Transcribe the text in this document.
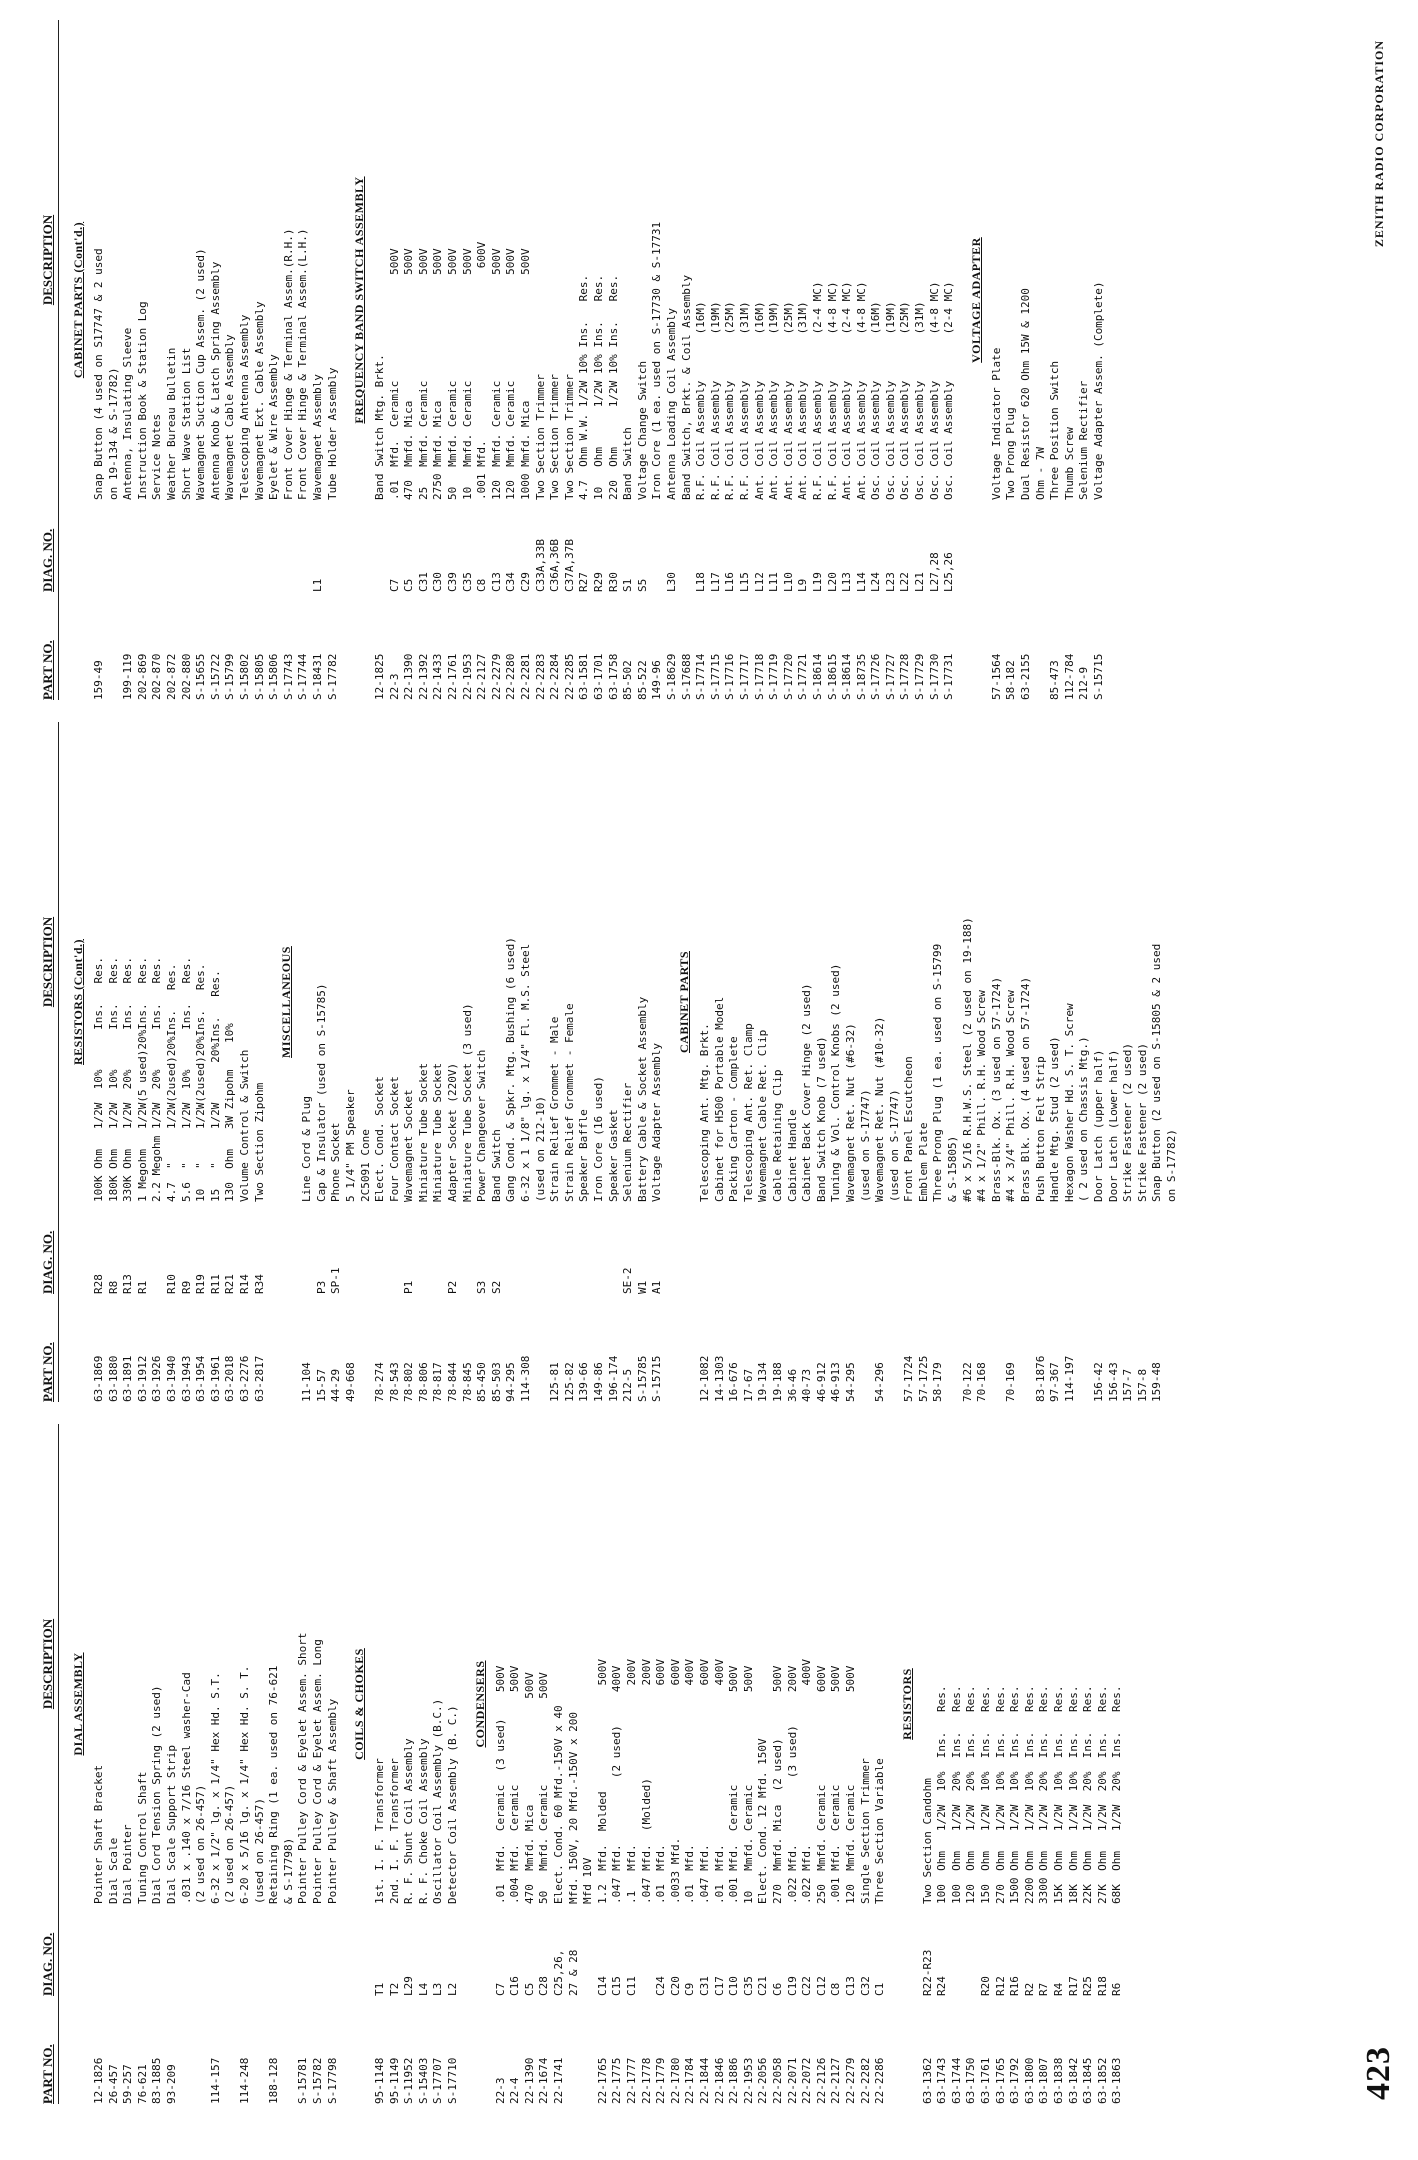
PART NO.
DIAG. NO.
DESCRIPTION DIAL ASSEMBLY
12-1826
Pointer Shaft Bracket
26-457
Dial Scale
59-257
Dial Pointer
76-621
Tuning Control Shaft
83-1885
Dial Cord Tension Spring (2 used)
93-209
Dial Scale Support Strip .031 x .140 x 7/16 Steel washer-Cad (2 used on 26-457)
114-157
6-32 x 1/2" lg. x 1/4" Hex Hd. S.T. (2 used on 26-457)
114-248
6-20 x 5/16 lg. x 1/4" Hex Hd. S. T. (used on 26-457)
188-128
Retaining Ring (1 ea. used on 76-621 & S-17798)
S-15781
Pointer Pulley Cord & Eyelet Assem. Short
S-15782
Pointer Pulley Cord & Eyelet Assem. Long
S-17798
Pointer Pulley & Shaft Assembly COILS & CHOKES
95-1148
T1
1st. I. F. Transformer
95-1149
T2
2nd. I. F. Transformer
S-11952
L29
R. F. Shunt Coil Assembly
S-15403
L4
R. F. Choke Coil Assembly
S-17707
L3
Oscillator Coil Assembly (B.C.)
S-17710
L2
Detector Coil Assembly (B. C.)
CONDENSERS
22-3
C7
.01  Mfd.  Ceramic  (3 used)    500V
22-4
C16
.004 Mfd.  Ceramic              500V
22-1390
C5
470  Mmfd. Mica                500V
22-1674
C28
50   Mmfd. Ceramic             500V
22-1741
C25,26,
Elect. Cond. 60 Mfd.-150V x 40
27 & 28
Mfd. 150V, 20 Mfd.-150V x 200 Mfd 10V
22-1765
C14
1.2  Mfd.  Molded                500V
22-1775
C15
.047 Mfd.          (2 used)     400V
22-1777
C11
.1   Mfd.                        200V
22-1778
.047 Mfd.  (Molded)              200V
22-1779
C24
.01  Mfd.                        600V
22-1780
C20
.0033 Mfd.                       600V
22-1784
C9
.01  Mfd.                        400V
22-1844
C31
.047 Mfd.                        600V
22-1846
C17
.01  Mfd.                        400V
22-1886
C10
.001 Mfd.  Ceramic              500V
22-1953
C35
10   Mmfd. Ceramic              500V
22-2056
C21
Elect. Cond. 12 Mfd. 150V
22-2058
C6
270  Mmfd. Mica  (2 used)       500V
22-2071
C19
.022 Mfd.          (3 used)     200V
22-2072
C22
.022 Mfd.                        400V
22-2126
C12
250  Mmfd. Ceramic              600V
22-2127
C8
.001 Mfd.  Ceramic              500V
22-2279
C13
120  Mmfd. Ceramic              500V
22-2282
C32
Single Section Trimmer
22-2286
C1
Three Section Variable
RESISTORS
63-1362
R22-R23
Two Section Candohm
63-1743
R24
100  Ohm   1/2W  10%  Ins.   Res.
63-1744
100  Ohm   1/2W  20%  Ins.   Res.
63-1750
120  Ohm   1/2W  20%  Ins.   Res.
63-1761
R20
150  Ohm   1/2W  10%  Ins.   Res.
63-1765
R12
270  Ohm   1/2W  10%  Ins.   Res.
63-1792
R16
1500 Ohm   1/2W  10%  Ins.   Res.
63-1800
R2
2200 Ohm   1/2W  10%  Ins.   Res.
63-1807
R7
3300 Ohm   1/2W  20%  Ins.   Res.
63-1838
R4
15K  Ohm   1/2W  10%  Ins.   Res.
63-1842
R17
18K  Ohm   1/2W  10%  Ins.   Res.
63-1845
R25
22K  Ohm   1/2W  20%  Ins.   Res.
63-1852
R18
27K  Ohm   1/2W  20%  Ins.   Res.
63-1863
R6
68K  Ohm   1/2W  20%  Ins.   Res.
PART NO.
DIAG. NO.
DESCRIPTION RESISTORS (Cont'd.)
63-1869
R28
100K Ohm   1/2W  10%      Ins.   Res.
63-1880
R8
180K Ohm   1/2W  10%      Ins.   Res.
63-1891
R13
330K Ohm   1/2W  20%      Ins.   Res.
63-1912
R1
1 Megohm   1/2W(5 used)20%Ins.   Res.
63-1926
2.2 Megohm 1/2W  20%      Ins.   Res.
63-1940
R10
4.7  "     1/2W(2used)20%Ins.   Res.
63-1943
R9
5.6  "     1/2W  10%      Ins.   Res.
63-1954
R19
10   "     1/2W(2used)20%Ins.   Res.
63-1961
R11
15   "     1/2W      20%Ins.   Res.
63-2018
R21
130  Ohm   3W Zipohm    10%
63-2276
R14
Volume Control & Switch
63-2817
R34
Two Section Zipohm
MISCELLANEOUS
11-104
Line Cord & Plug
15-57
P3
Cap & Insulator (used on S-15785)
44-29
SP-1
Phone Socket
49-668
5 1/4" PM Speaker 2C5091 Cone
78-274
Elect. Cond. Socket
78-543
Four Contact Socket
78-802
P1
Wavemagnet Socket
78-806
Miniature Tube Socket
78-817
Miniature Tube Socket
78-844
P2
Adapter Socket (220V)
78-845
Miniature Tube Socket (3 used)
85-450
S3
Power Changeover Switch
85-503
S2
Band Switch
94-295
Gang Cond. & Spkr. Mtg. Bushing (6 used)
114-308
6-32 x 1 1/8" lg. x 1/4" Fl. M.S. Steel (used on 212-10)
125-81
Strain Relief Grommet - Male
125-82
Strain Relief Grommet - Female
139-66
Speaker Baffle
149-86
Iron Core (16 used)
196-174
Speaker Gasket
212-5
SE-2
Selenium Rectifier
S-15785
W1
Battery Cable & Socket Assembly
S-15715
A1
Voltage Adapter Assembly
CABINET PARTS
12-1082
Telescoping Ant. Mtg. Brkt.
14-1303
Cabinet for H500 Portable Model
16-676
Packing Carton - Complete
17-67
Telescoping Ant. Ret. Clamp
19-134
Wavemagnet Cable Ret. Clip
19-188
Cable Retaining Clip
36-46
Cabinet Handle
40-73
Cabinet Back Cover Hinge (2 used)
46-912
Band Switch Knob (7 used)
46-913
Tuning & Vol. Control Knobs (2 used)
54-295
Wavemagnet Ret. Nut (#6-32) (used on S-17747)
54-296
Wavemagnet Ret. Nut (#10-32) (used on S-17747)
57-1724
Front Panel Escutcheon
57-1725
Emblem Plate
58-179
Three Prong Plug (1 ea. used on S-15799 & S-15805)
70-122
#6 x 5/16 R.H.W.S. Steel (2 used on 19-188)
70-168
#4 x 1/2" Phill. R.H. Wood Screw Brass-Blk. Ox. (3 used on 57-1724)
70-169
#4 x 3/4" Phill. R.H. Wood Screw Brass Blk. Ox. (4 used on 57-1724)
83-1876
Push Button Felt Strip
97-367
Handle Mtg. Stud (2 used)
114-197
Hexagon Washer Hd. S. T. Screw ( 2 used on Chassis Mtg.)
156-42
Door Latch (upper half)
156-43
Door Latch (Lower half)
157-7
Strike Fastener (2 used)
157-8
Strike Fastener (2 used)
159-48
Snap Button (2 used on S-15805 & 2 used on S-17782)
PART NO.
DIAG. NO.
DESCRIPTION CABINET PARTS (Cont'd.)
159-49
Snap Button (4 used on S17747 & 2 used on 19-134 & S-17782)
199-119
Antenna, Insulating Sleeve
202-869
Instruction Book & Station Log
202-870
Service Notes
202-872
Weather Bureau Bulletin
202-880
Short Wave Station List
S-15655
Wavemagnet Suction Cup Assem. (2 used)
S-15722
Antenna Knob & Latch Spring Assembly
S-15799
Wavemagnet Cable Assembly
S-15802
Telescoping Antenna Assembly
S-15805
Wavemagnet Ext. Cable Assembly
S-15806
Eyelet & Wire Assembly
S-17743
Front Cover Hinge & Terminal Assem.(R.H.)
S-17744
Front Cover Hinge & Terminal Assem.(L.H.)
S-18431
L1
Wavemagnet Assembly
S-17782
Tube Holder Assembly
FREQUENCY BAND SWITCH ASSEMBLY
12-1825
Band Switch Mtg. Brkt.
22-3
C7
.01  Mfd.  Ceramic                500V
22-1390
C5
470  Mmfd. Mica                   500V
22-1392
C31
25   Mmfd. Ceramic                500V
22-1433
C30
2750 Mmfd. Mica                   500V
22-1761
C39
50   Mmfd. Ceramic                500V
22-1953
C35
10   Mmfd. Ceramic                500V
22-2127
C8
.001 Mfd.                          600V
22-2279
C13
120  Mmfd. Ceramic                500V
22-2280
C34
120  Mmfd. Ceramic                500V
22-2281
C29
1000 Mmfd. Mica                   500V
22-2283
C33A,33B
Two Section Trimmer
22-2284
C36A,36B
Two Section Trimmer
22-2285
C37A,37B
Two Section Trimmer
63-1581
R27
4.7  Ohm W.W. 1/2W 10% Ins.   Res.
63-1701
R29
10   Ohm      1/2W 10% Ins.   Res.
63-1758
R30
220  Ohm      1/2W 10% Ins.   Res.
85-502
S1
Band Switch
85-522
S5
Voltage Change Switch
149-96
Iron Core (1 ea. used on S-17730 & S-17731
S-18629
L30
Antenna Loading Coil Assembly
S-17688
Band Switch, Brkt. & Coil Assembly
S-17714
L18
R.F. Coil Assembly       (16M)
S-17715
L17
R.F. Coil Assembly       (19M)
S-17716
L16
R.F. Coil Assembly       (25M)
S-17717
L15
R.F. Coil Assembly       (31M)
S-17718
L12
Ant. Coil Assembly       (16M)
S-17719
L11
Ant. Coil Assembly       (19M)
S-17720
L10
Ant. Coil Assembly       (25M)
S-17721
L9
Ant. Coil Assembly       (31M)
S-18614
L19
R.F. Coil Assembly       (2-4 MC)
S-18615
L20
R.F. Coil Assembly       (4-8 MC)
S-18614
L13
Ant. Coil Assembly       (2-4 MC)
S-18735
L14
Ant. Coil Assembly       (4-8 MC)
S-17726
L24
Osc. Coil Assembly       (16M)
S-17727
L23
Osc. Coil Assembly       (19M)
S-17728
L22
Osc. Coil Assembly       (25M)
S-17729
L21
Osc. Coil Assembly       (31M)
S-17730
L27,28
Osc. Coil Assembly       (4-8 MC)
S-17731
L25,26
Osc. Coil Assembly       (2-4 MC) VOLTAGE ADAPTER
57-1564
Voltage Indicator Plate
58-182
Two Prong Plug
63-2155
Dual Resistor 620 Ohm 15W & 1200 Ohm - 7W
85-473
Three Position Switch
112-784
Thumb Screw
212-9
Selenium Rectifier
S-15715
Voltage Adapter Assem. (Complete)
423
ZENITH RADIO CORPORATION
